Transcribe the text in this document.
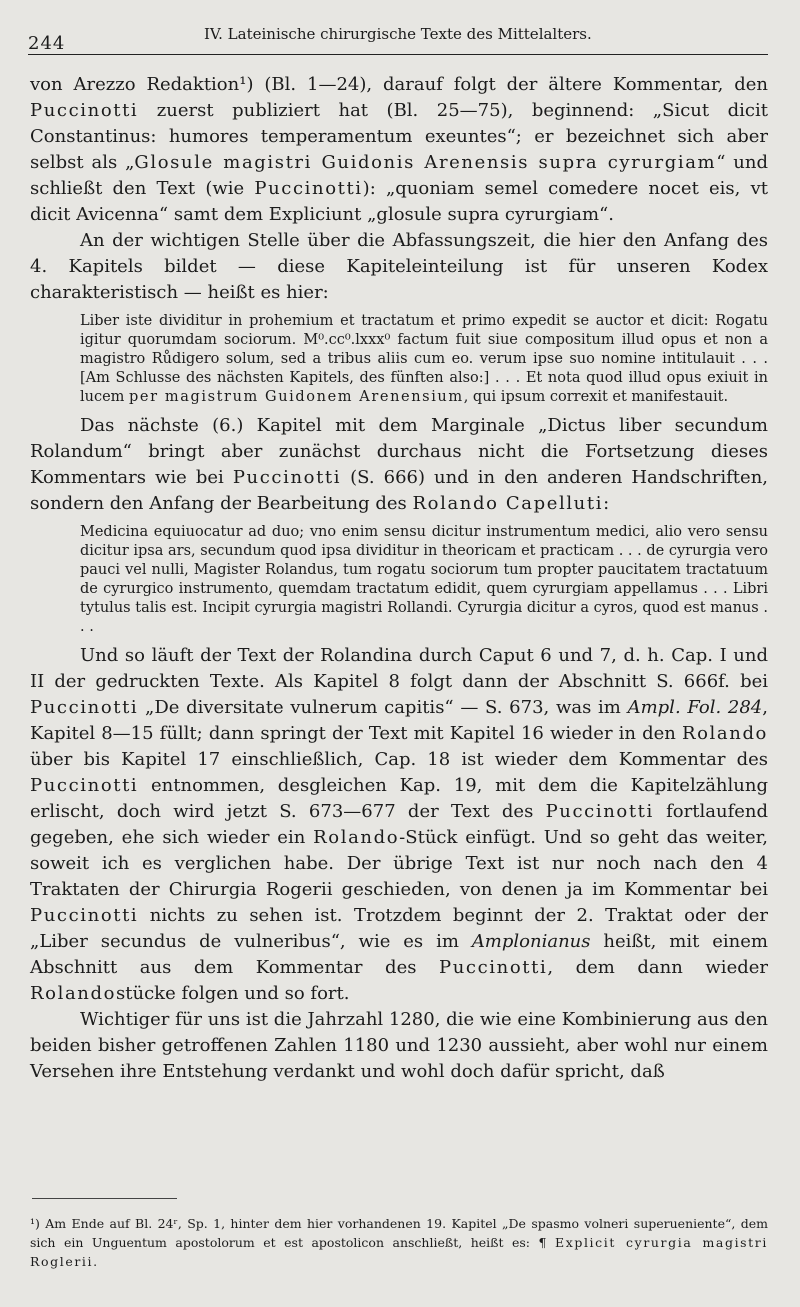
244	IV. Lateinische chirurgische Texte des Mittelalters.

von Arezzo Redaktion¹) (Bl. 1—24), darauf folgt der ältere Kommentar, den Puccinotti zuerst publiziert hat (Bl. 25—75), beginnend: „Sicut dicit Constantinus: humores temperamentum exeuntes“; er bezeichnet sich aber selbst als „Glosule magistri Guidonis Arenensis supra cyrurgiam“ und schließt den Text (wie Puccinotti): „quoniam semel comedere nocet eis, vt dicit Avicenna“ samt dem Expliciunt „glosule supra cyrurgiam“.

An der wichtigen Stelle über die Abfassungszeit, die hier den Anfang des 4. Kapitels bildet — diese Kapiteleinteilung ist für unseren Kodex charakteristisch — heißt es hier:

Liber iste dividitur in prohemium et tractatum et primo expedit se auctor et dicit: Rogatu igitur quorumdam sociorum. M⁰.cc⁰.lxxx⁰ factum fuit siue compositum illud opus et non a magistro Růdigero solum, sed a tribus aliis cum eo. verum ipse suo nomine intitulauit . . . [Am Schlusse des nächsten Kapitels, des fünften also:] . . . Et nota quod illud opus exiuit in lucem per magistrum Guidonem Arenensium, qui ipsum correxit et manifestauit.

Das nächste (6.) Kapitel mit dem Marginale „Dictus liber secundum Rolandum“ bringt aber zunächst durchaus nicht die Fortsetzung dieses Kommentars wie bei Puccinotti (S. 666) und in den anderen Handschriften, sondern den Anfang der Bearbeitung des Rolando Capelluti:

Medicina equiuocatur ad duo; vno enim sensu dicitur instrumentum medici, alio vero sensu dicitur ipsa ars, secundum quod ipsa dividitur in theoricam et practicam . . . de cyrurgia vero pauci vel nulli, Magister Rolandus, tum rogatu sociorum tum propter paucitatem tractatuum de cyrurgico instrumento, quemdam tractatum edidit, quem cyrurgiam appellamus . . . Libri tytulus talis est. Incipit cyrurgia magistri Rollandi. Cyrurgia dicitur a cyros, quod est manus . . .

Und so läuft der Text der Rolandina durch Caput 6 und 7, d. h. Cap. I und II der gedruckten Texte. Als Kapitel 8 folgt dann der Abschnitt S. 666f. bei Puccinotti „De diversitate vulnerum capitis“ — S. 673, was im Ampl. Fol. 284, Kapitel 8—15 füllt; dann springt der Text mit Kapitel 16 wieder in den Rolando über bis Kapitel 17 einschließlich, Cap. 18 ist wieder dem Kommentar des Puccinotti entnommen, desgleichen Kap. 19, mit dem die Kapitelzählung erlischt, doch wird jetzt S. 673—677 der Text des Puccinotti fortlaufend gegeben, ehe sich wieder ein Rolando-Stück einfügt. Und so geht das weiter, soweit ich es verglichen habe. Der übrige Text ist nur noch nach den 4 Traktaten der Chirurgia Rogerii geschieden, von denen ja im Kommentar bei Puccinotti nichts zu sehen ist. Trotzdem beginnt der 2. Traktat oder der „Liber secundus de vulneribus“, wie es im Amplonianus heißt, mit einem Abschnitt aus dem Kommentar des Puccinotti, dem dann wieder Rolandostücke folgen und so fort.

Wichtiger für uns ist die Jahrzahl 1280, die wie eine Kombinierung aus den beiden bisher getroffenen Zahlen 1180 und 1230 aussieht, aber wohl nur einem Versehen ihre Entstehung verdankt und wohl doch dafür spricht, daß

¹) Am Ende auf Bl. 24ʳ, Sp. 1, hinter dem hier vorhandenen 19. Kapitel „De spasmo volneri superueniente“, dem sich ein Unguentum apostolorum et est apostolicon anschließt, heißt es: ¶ Explicit cyrurgia magistri Roglerii.
